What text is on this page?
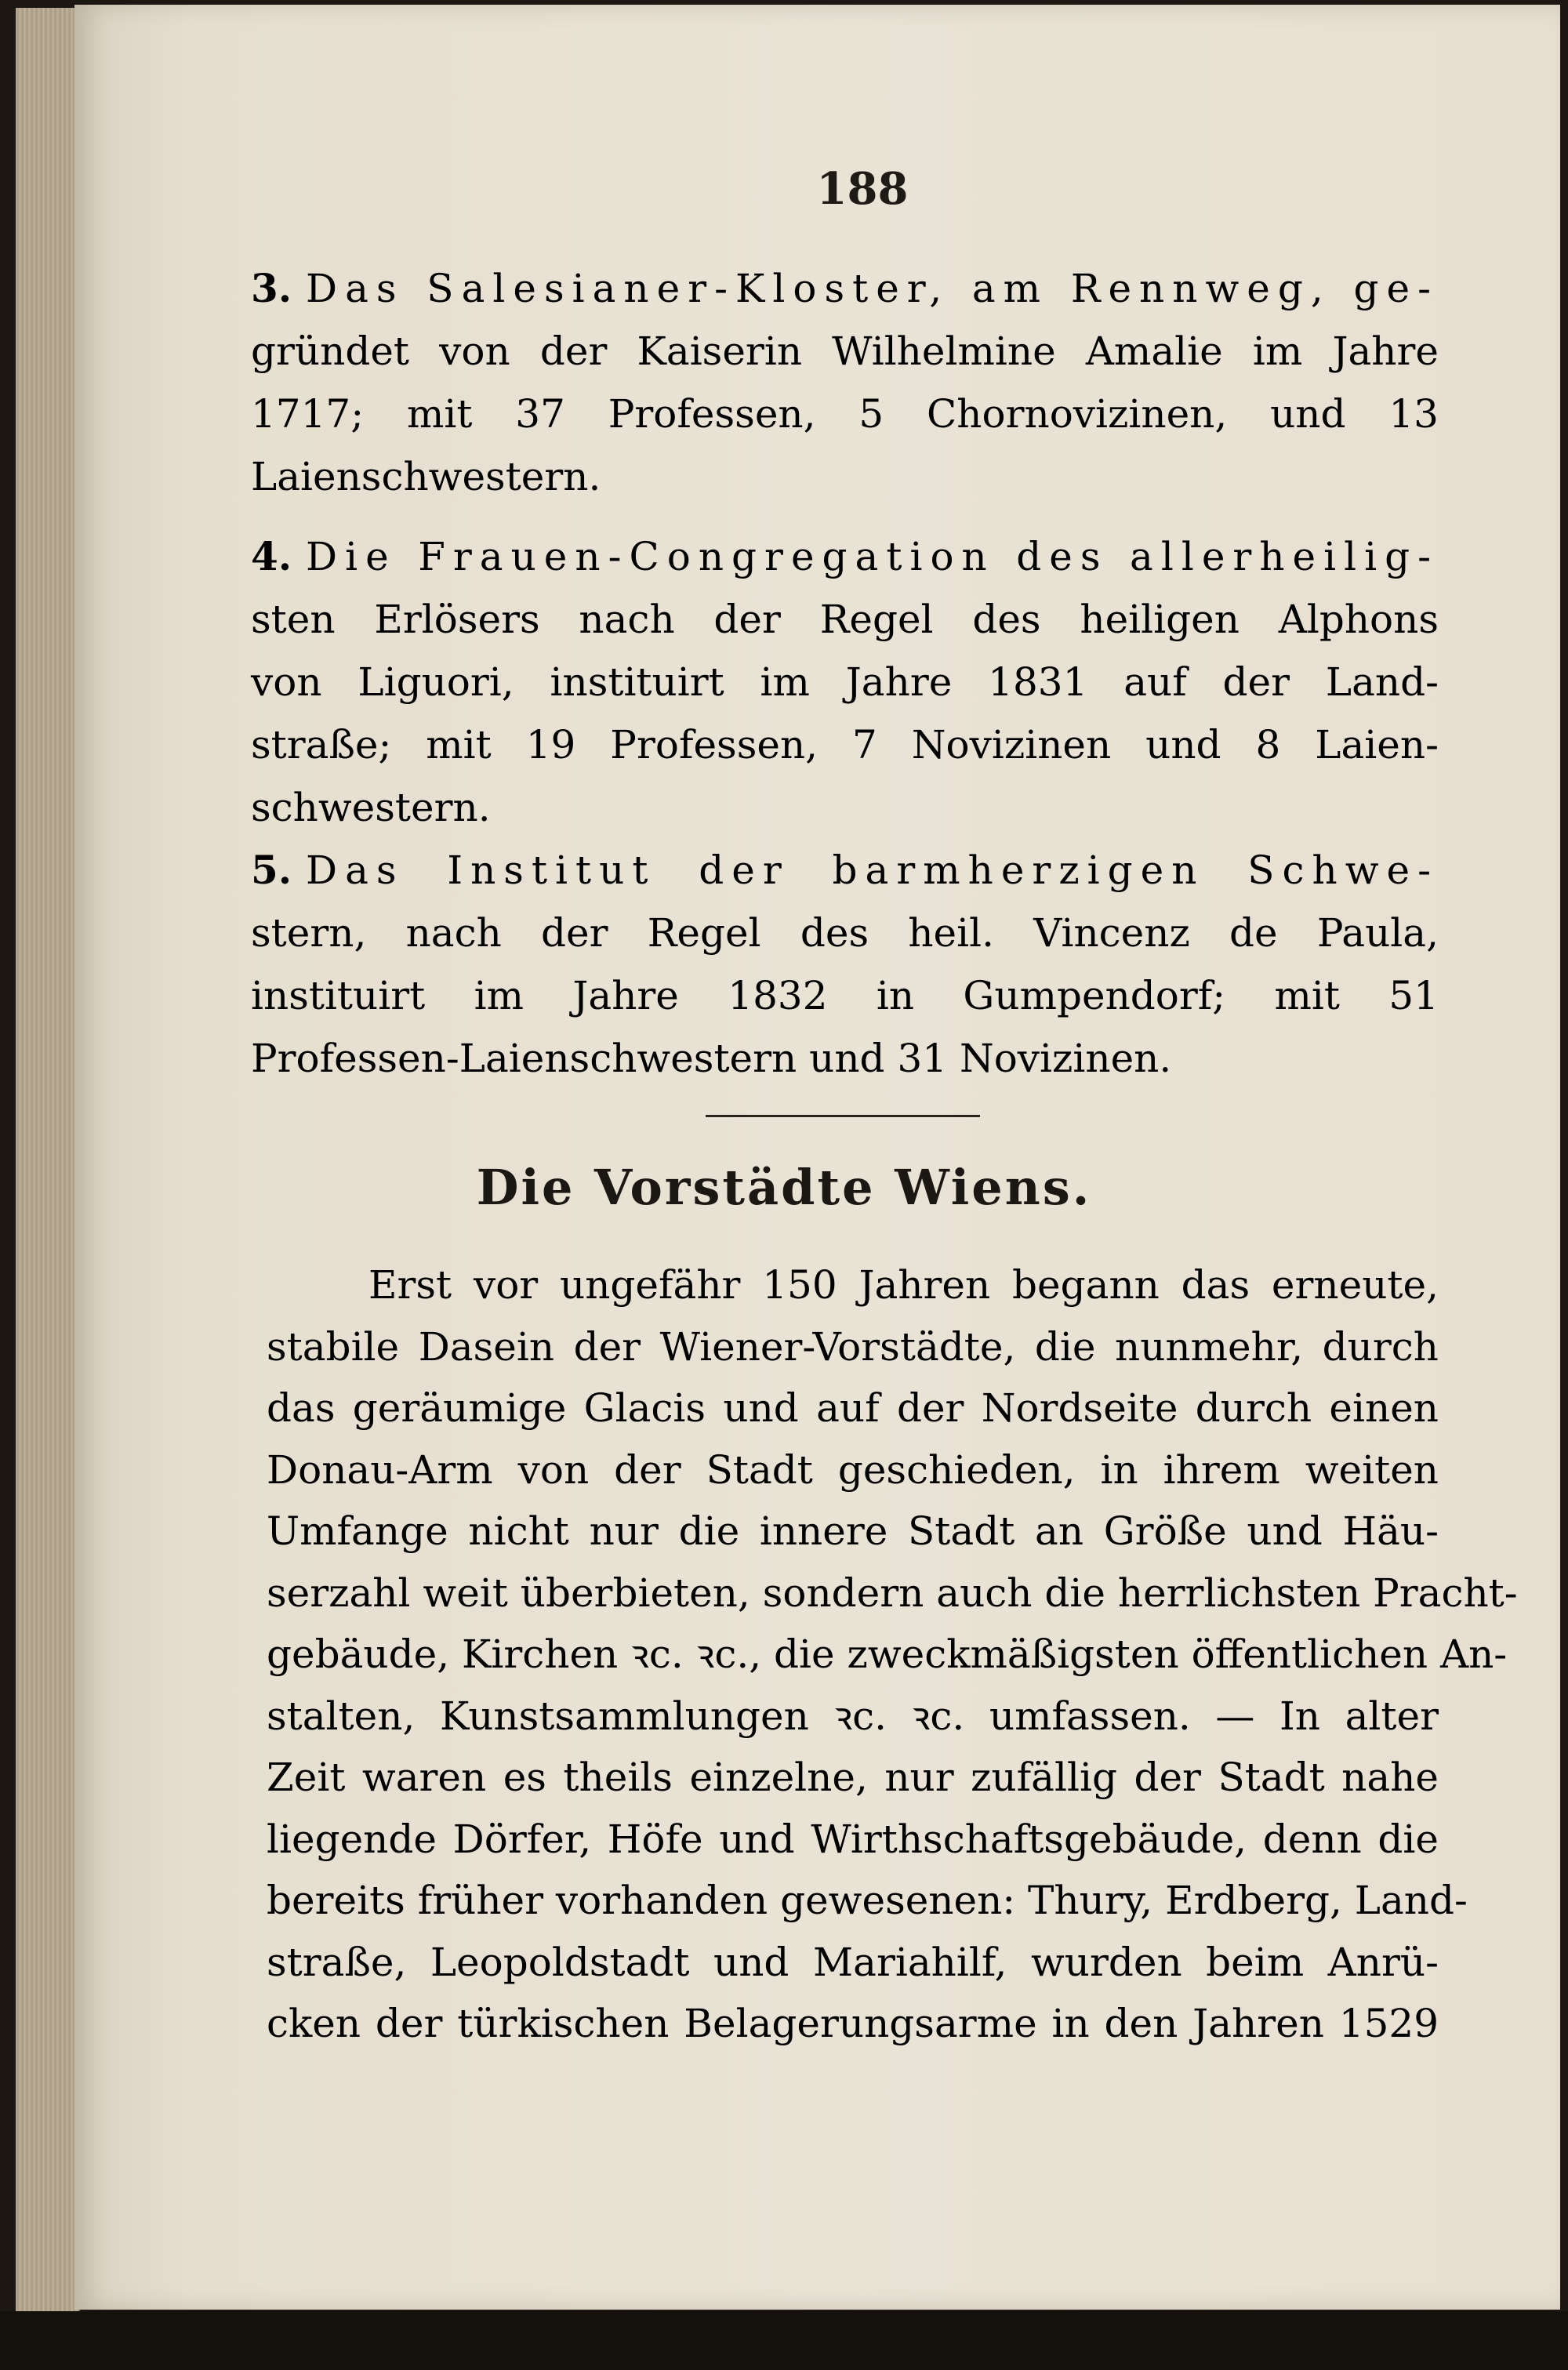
188
3. Das Salesianer-Kloster, am Rennweg, ge-
gründet von der Kaiserin Wilhelmine Amalie im Jahre
1717; mit 37 Professen, 5 Chornovizinen, und 13
Laienschwestern.
4. Die Frauen-Congregation des allerheilig-
sten Erlösers nach der Regel des heiligen Alphons
von Liguori, instituirt im Jahre 1831 auf der Land-
straße; mit 19 Professen, 7 Novizinen und 8 Laien-
schwestern.
5. Das Institut der barmherzigen Schwe-
stern, nach der Regel des heil. Vincenz de Paula,
instituirt im Jahre 1832 in Gumpendorf; mit 51
Professen-Laienschwestern und 31 Novizinen.
Die Vorstädte Wiens.
Erst vor ungefähr 150 Jahren begann das erneute,
stabile Dasein der Wiener-Vorstädte, die nunmehr, durch
das geräumige Glacis und auf der Nordseite durch einen
Donau-Arm von der Stadt geschieden, in ihrem weiten
Umfange nicht nur die innere Stadt an Größe und Häu-
serzahl weit überbieten, sondern auch die herrlichsten Pracht-
gebäude, Kirchen ꝛc. ꝛc., die zweckmäßigsten öffentlichen An-
stalten, Kunstsammlungen ꝛc. ꝛc. umfassen. — In alter
Zeit waren es theils einzelne, nur zufällig der Stadt nahe
liegende Dörfer, Höfe und Wirthschaftsgebäude, denn die
bereits früher vorhanden gewesenen: Thury, Erdberg, Land-
straße, Leopoldstadt und Mariahilf, wurden beim Anrü-
cken der türkischen Belagerungsarme in den Jahren 1529
